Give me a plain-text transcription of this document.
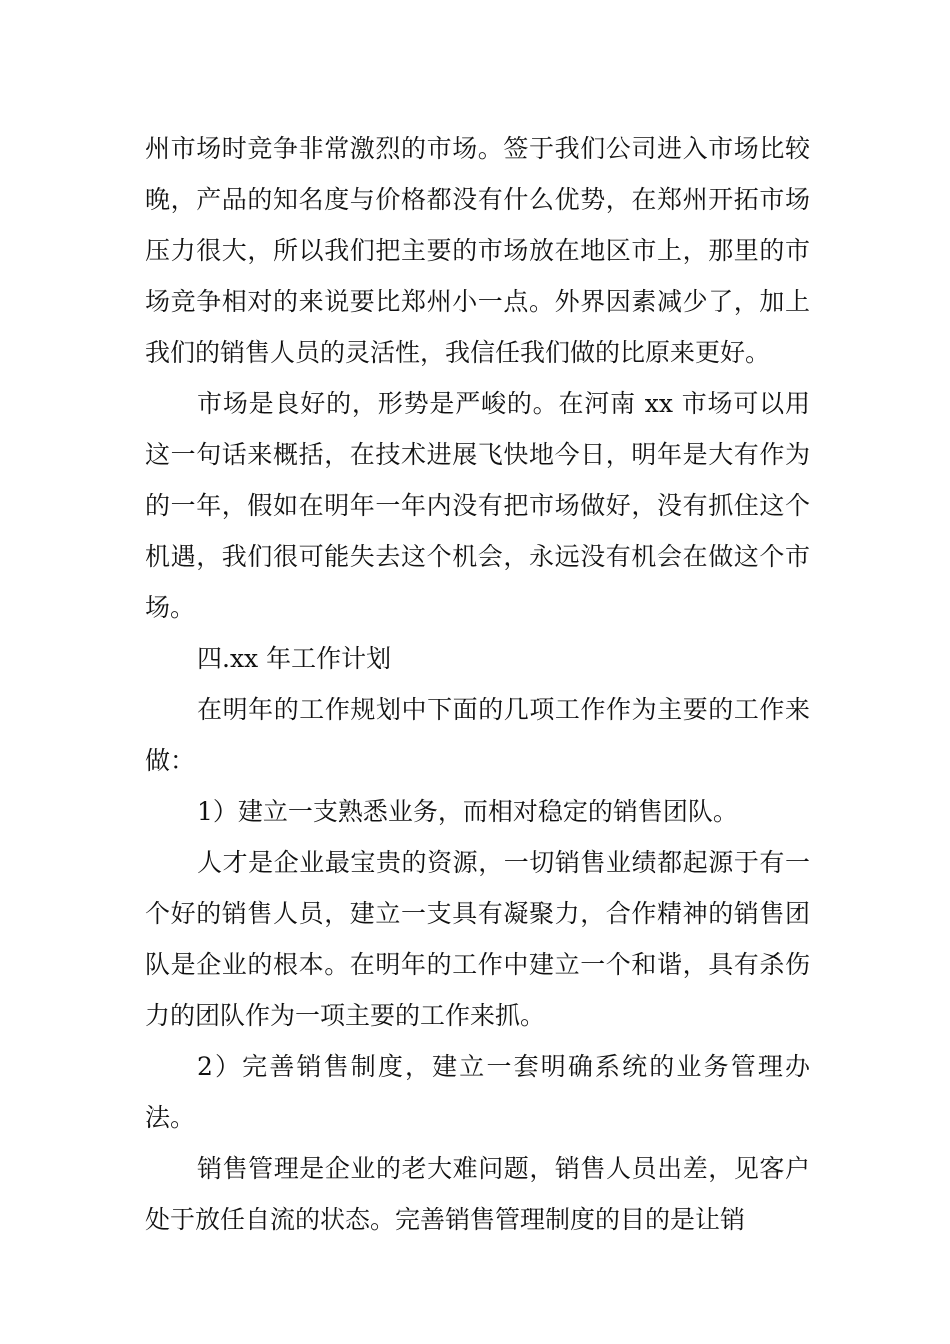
州市场时竞争非常激烈的市场。签于我们公司进入市场比较晚，产品的知名度与价格都没有什么优势，在郑州开拓市场压力很大，所以我们把主要的市场放在地区市上，那里的市场竞争相对的来说要比郑州小一点。外界因素减少了，加上我们的销售人员的灵活性，我信任我们做的比原来更好。

市场是良好的，形势是严峻的。在河南 xx 市场可以用这一句话来概括，在技术进展飞快地今日，明年是大有作为的一年，假如在明年一年内没有把市场做好，没有抓住这个机遇，我们很可能失去这个机会，永远没有机会在做这个市场。

四.xx 年工作计划

在明年的工作规划中下面的几项工作作为主要的工作来做：

1）建立一支熟悉业务，而相对稳定的销售团队。

人才是企业最宝贵的资源，一切销售业绩都起源于有一个好的销售人员，建立一支具有凝聚力，合作精神的销售团队是企业的根本。在明年的工作中建立一个和谐，具有杀伤力的团队作为一项主要的工作来抓。

2）完善销售制度，建立一套明确系统的业务管理办法。

销售管理是企业的老大难问题，销售人员出差，见客户处于放任自流的状态。完善销售管理制度的目的是让销
